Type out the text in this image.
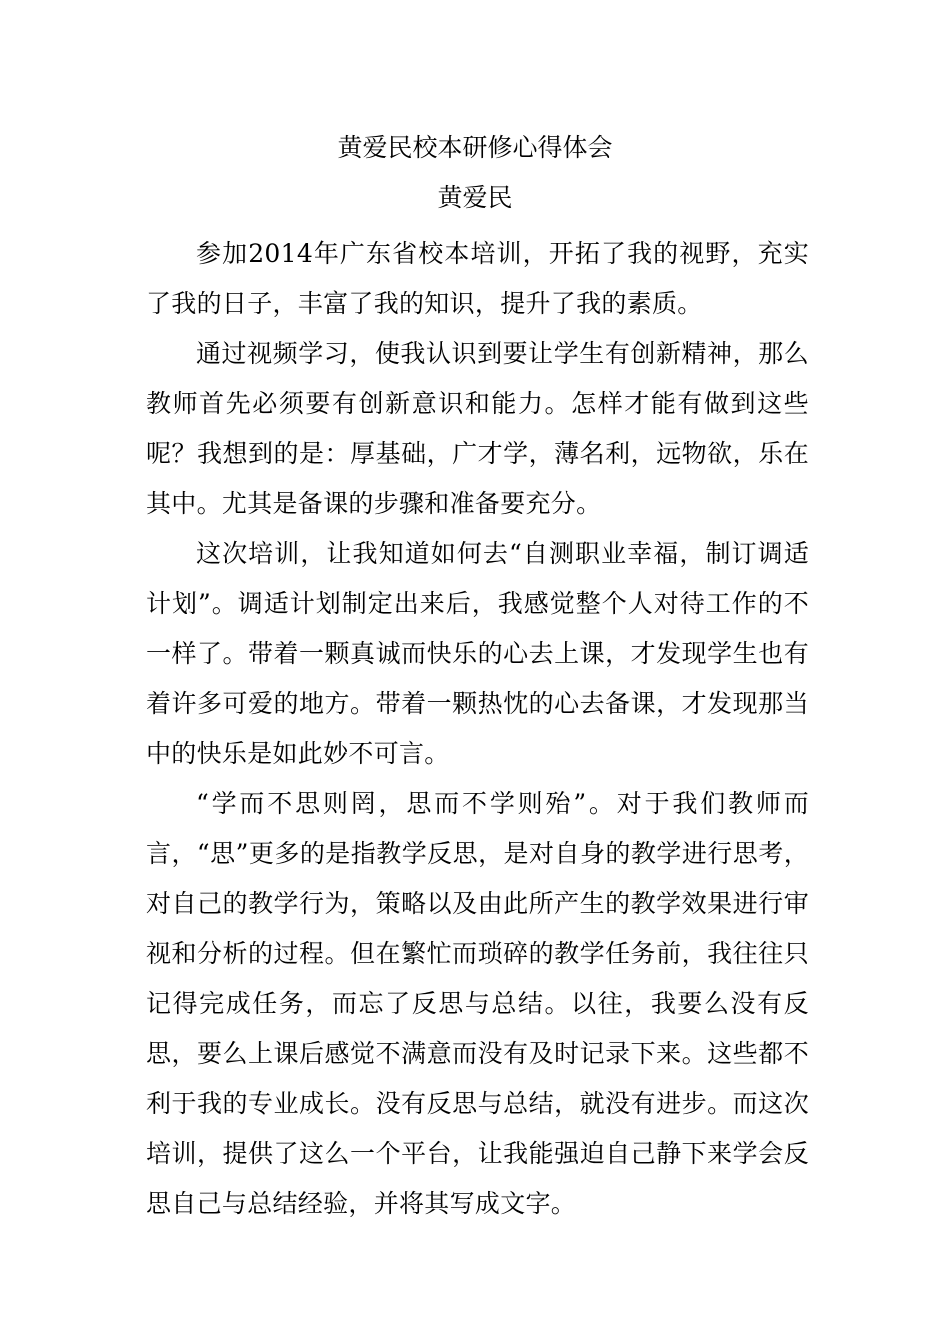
黄爱民校本研修心得体会
黄爱民

参加2014年广东省校本培训，开拓了我的视野，充实了我的日子，丰富了我的知识，提升了我的素质。

通过视频学习，使我认识到要让学生有创新精神，那么教师首先必须要有创新意识和能力。怎样才能有做到这些呢？我想到的是：厚基础，广才学，薄名利，远物欲，乐在其中。尤其是备课的步骤和准备要充分。

这次培训，让我知道如何去“自测职业幸福，制订调适计划”。调适计划制定出来后，我感觉整个人对待工作的不一样了。带着一颗真诚而快乐的心去上课，才发现学生也有着许多可爱的地方。带着一颗热忱的心去备课，才发现那当中的快乐是如此妙不可言。

“学而不思则罔，思而不学则殆”。对于我们教师而言，“思”更多的是指教学反思，是对自身的教学进行思考，对自己的教学行为，策略以及由此所产生的教学效果进行审视和分析的过程。但在繁忙而琐碎的教学任务前，我往往只记得完成任务，而忘了反思与总结。以往，我要么没有反思，要么上课后感觉不满意而没有及时记录下来。这些都不利于我的专业成长。没有反思与总结，就没有进步。而这次培训，提供了这么一个平台，让我能强迫自己静下来学会反思自己与总结经验，并将其写成文字。
